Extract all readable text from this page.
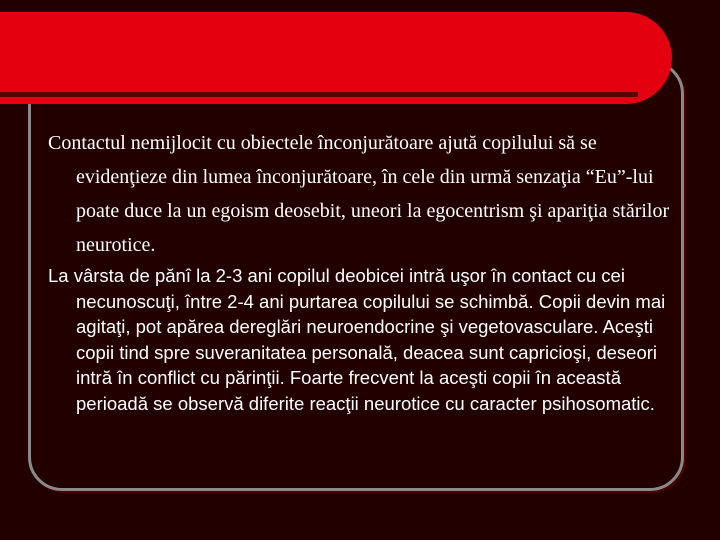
Contactul nemijlocit cu obiectele înconjurătoare ajută copilului să se evidenţieze din lumea înconjurătoare, în cele din urmă senzaţia “Eu”-lui poate duce la un egoism deosebit, uneori la egocentrism şi apariţia stărilor neurotice.

La vârsta de pănî la 2-3 ani copilul deobicei intră uşor în contact cu cei necunoscuţi, între 2-4 ani purtarea copilului se schimbă. Copii devin mai agitaţi, pot apărea dereglări neuroendocrine şi vegetovasculare. Aceşti copii tind spre suveranitatea personală, deacea sunt capricioşi, deseori intră în conflict cu părinţii. Foarte frecvent la aceşti copii în această perioadă se observă diferite reacţii neurotice cu caracter psihosomatic.
